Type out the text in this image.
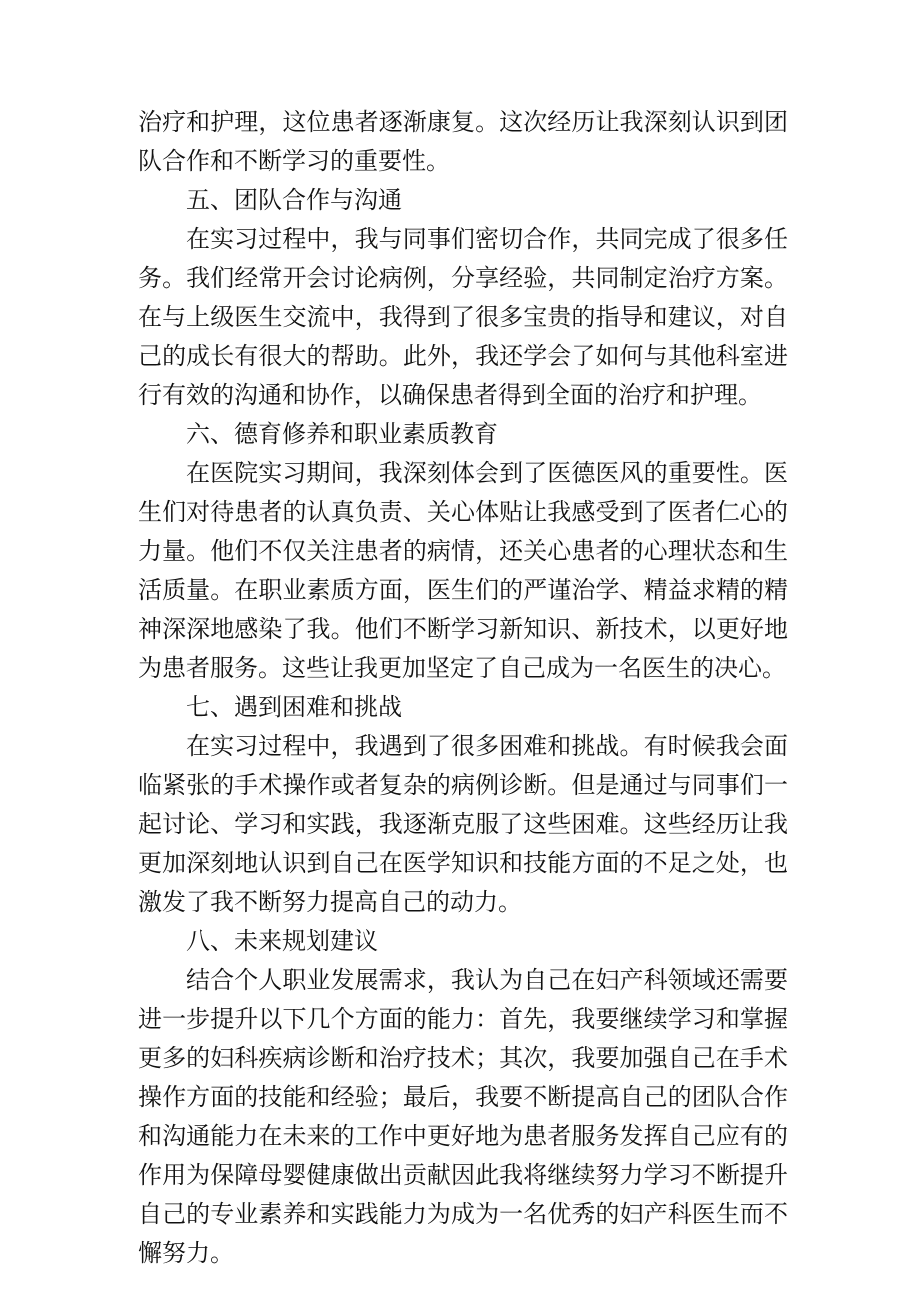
治疗和护理，这位患者逐渐康复。这次经历让我深刻认识到团队合作和不断学习的重要性。

五、团队合作与沟通

在实习过程中，我与同事们密切合作，共同完成了很多任务。我们经常开会讨论病例，分享经验，共同制定治疗方案。在与上级医生交流中，我得到了很多宝贵的指导和建议，对自己的成长有很大的帮助。此外，我还学会了如何与其他科室进行有效的沟通和协作，以确保患者得到全面的治疗和护理。

六、德育修养和职业素质教育

在医院实习期间，我深刻体会到了医德医风的重要性。医生们对待患者的认真负责、关心体贴让我感受到了医者仁心的力量。他们不仅关注患者的病情，还关心患者的心理状态和生活质量。在职业素质方面，医生们的严谨治学、精益求精的精神深深地感染了我。他们不断学习新知识、新技术，以更好地为患者服务。这些让我更加坚定了自己成为一名医生的决心。

七、遇到困难和挑战

在实习过程中，我遇到了很多困难和挑战。有时候我会面临紧张的手术操作或者复杂的病例诊断。但是通过与同事们一起讨论、学习和实践，我逐渐克服了这些困难。这些经历让我更加深刻地认识到自己在医学知识和技能方面的不足之处，也激发了我不断努力提高自己的动力。

八、未来规划建议

结合个人职业发展需求，我认为自己在妇产科领域还需要进一步提升以下几个方面的能力：首先，我要继续学习和掌握更多的妇科疾病诊断和治疗技术；其次，我要加强自己在手术操作方面的技能和经验；最后，我要不断提高自己的团队合作和沟通能力在未来的工作中更好地为患者服务发挥自己应有的作用为保障母婴健康做出贡献因此我将继续努力学习不断提升自己的专业素养和实践能力为成为一名优秀的妇产科医生而不懈努力。
